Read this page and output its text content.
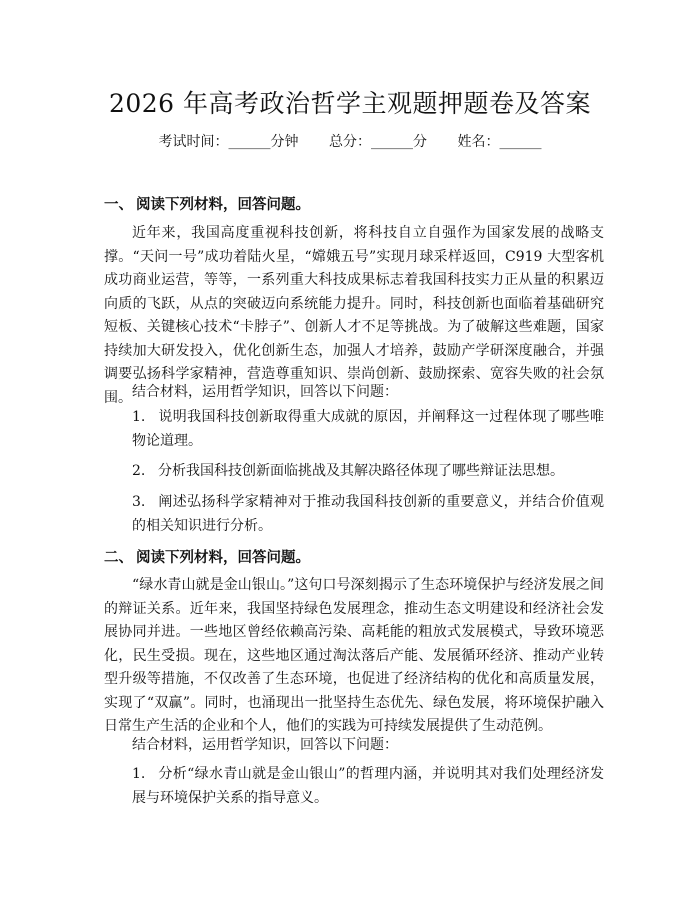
2026 年高考政治哲学主观题押题卷及答案
考试时间：______分钟 总分：______分 姓名：______
一、 阅读下列材料，回答问题。

近年来，我国高度重视科技创新，将科技自立自强作为国家发展的战略支撑。“天问一号”成功着陆火星，“嫦娥五号”实现月球采样返回，C919 大型客机成功商业运营，等等，一系列重大科技成果标志着我国科技实力正从量的积累迈向质的飞跃，从点的突破迈向系统能力提升。同时，科技创新也面临着基础研究短板、关键核心技术“卡脖子”、创新人才不足等挑战。为了破解这些难题，国家持续加大研发投入，优化创新生态，加强人才培养，鼓励产学研深度融合，并强调要弘扬科学家精神，营造尊重知识、崇尚创新、鼓励探索、宽容失败的社会氛围。 结合材料，运用哲学知识，回答以下问题：

1. 说明我国科技创新取得重大成就的原因，并阐释这一过程体现了哪些唯物论道理。

2. 分析我国科技创新面临挑战及其解决路径体现了哪些辩证法思想。

3. 阐述弘扬科学家精神对于推动我国科技创新的重要意义，并结合价值观的相关知识进行分析。

二、 阅读下列材料，回答问题。

“绿水青山就是金山银山。”这句口号深刻揭示了生态环境保护与经济发展之间的辩证关系。近年来，我国坚持绿色发展理念，推动生态文明建设和经济社会发展协同并进。一些地区曾经依赖高污染、高耗能的粗放式发展模式，导致环境恶化，民生受损。现在，这些地区通过淘汰落后产能、发展循环经济、推动产业转型升级等措施，不仅改善了生态环境，也促进了经济结构的优化和高质量发展，实现了“双赢”。同时，也涌现出一批坚持生态优先、绿色发展，将环境保护融入日常生产生活的企业和个人，他们的实践为可持续发展提供了生动范例。

结合材料，运用哲学知识，回答以下问题：

1. 分析“绿水青山就是金山银山”的哲理内涵，并说明其对我们处理经济发展与环境保护关系的指导意义。
